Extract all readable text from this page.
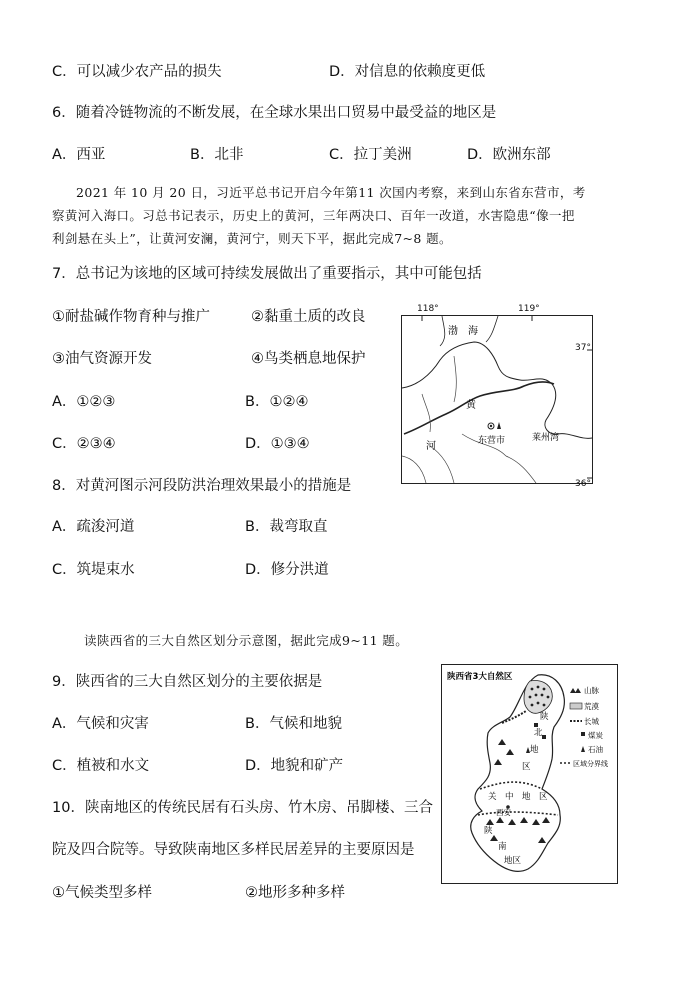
C．可以减少农产品的损失	D．对信息的依赖度更低
6．随着冷链物流的不断发展，在全球水果出口贸易中最受益的地区是
A．西亚	B．北非	C．拉丁美洲	D．欧洲东部
2021 年 10 月 20 日，习近平总书记开启今年第11 次国内考察，来到山东省东营市，考
察黄河入海口。习总书记表示，历史上的黄河，三年两决口、百年一改道，水害隐患“像一把
利剑悬在头上”，让黄河安澜，黄河宁，则天下平，据此完成7~8 题。
7．总书记为该地的区域可持续发展做出了重要指示，其中可能包括
①耐盐碱作物育种与推广	②黏重土质的改良
③油气资源开发	④鸟类栖息地保护
A．①②③	B．①②④
C．②③④	D．①③④
8．对黄河图示河段防洪治理效果最小的措施是
A．疏浚河道	B．裁弯取直
C．筑堤束水	D．修分洪道
渤　海
黄
河	东营市	莱州湾
118°	119°
37°
36°
读陕西省的三大自然区划分示意图，据此完成9~11 题。
9．陕西省的三大自然区划分的主要依据是
A．气候和灾害	B．气候和地貌
C．植被和水文	D．地貌和矿产
10．陕南地区的传统民居有石头房、竹木房、吊脚楼、三合
院及四合院等。导致陕南地区多样民居差异的主要原因是
①气候类型多样	②地形多种多样
陕西省3大自然区
陕
北
地
区
关　中　地　区
西安
陕
南
地区
山脉
荒漠
长城
煤炭
石油
区域分界线
